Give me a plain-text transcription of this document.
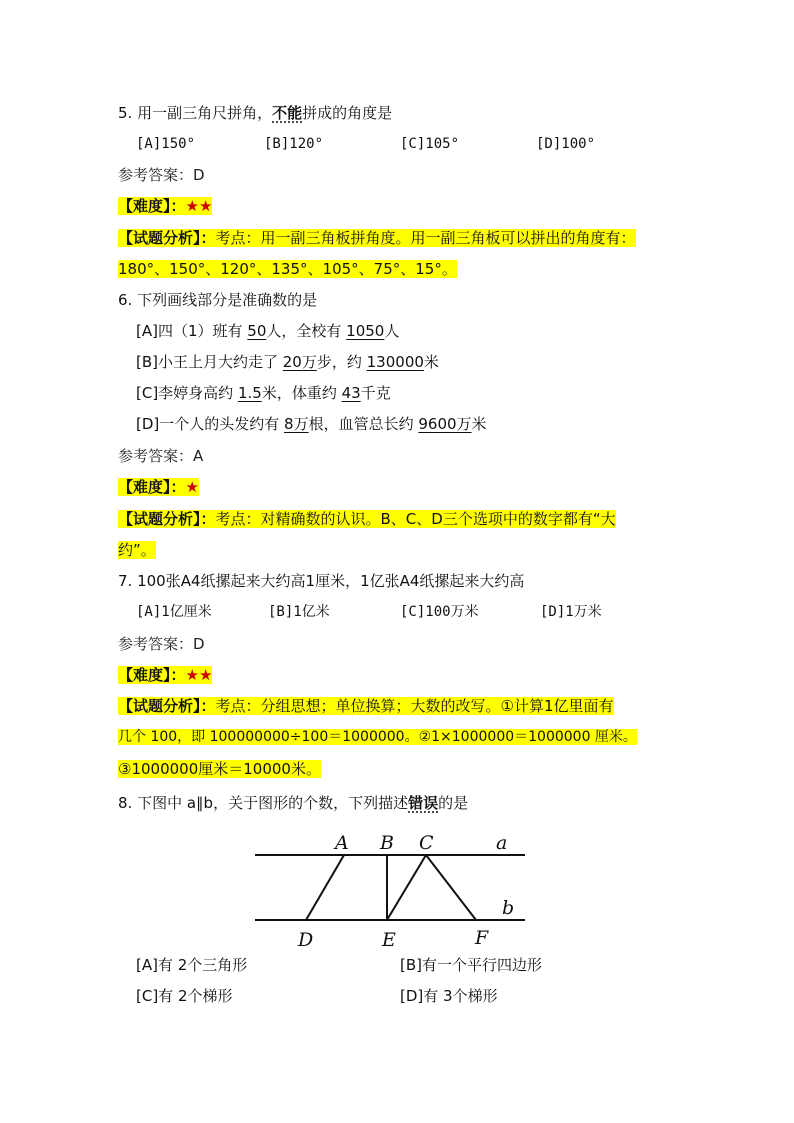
5. 用一副三角尺拼角，不能拼成的角度是
[A]150°	[B]120°	[C]105°	[D]100°
参考答案：D
【难度】：★★
【试题分析】：考点：用一副三角板拼角度。用一副三角板可以拼出的角度有：
180°、150°、120°、135°、105°、75°、15°。
6. 下列画线部分是准确数的是
[A]四（1）班有 50人，全校有 1050人
[B]小王上月大约走了 20万步，约 130000米
[C]李婷身高约 1.5米，体重约 43千克
[D]一个人的头发约有 8万根，血管总长约 9600万米
参考答案：A
【难度】：★
【试题分析】：考点：对精确数的认识。B、C、D三个选项中的数字都有“大
约”。
7. 100张A4纸摞起来大约高1厘米，1亿张A4纸摞起来大约高
[A]1亿厘米	[B]1亿米	[C]100万米	[D]1万米
参考答案：D
【难度】：★★
【试题分析】：考点：分组思想；单位换算；大数的改写。①计算1亿里面有
几个 100，即 100000000÷100＝1000000。②1×1000000＝1000000 厘米。
③1000000厘米＝10000米。
8. 下图中 a∥b，关于图形的个数，下列描述错误的是
A B C	a
b
D	E	F
[A]有 2个三角形	[B]有一个平行四边形
[C]有 2个梯形	[D]有 3个梯形
